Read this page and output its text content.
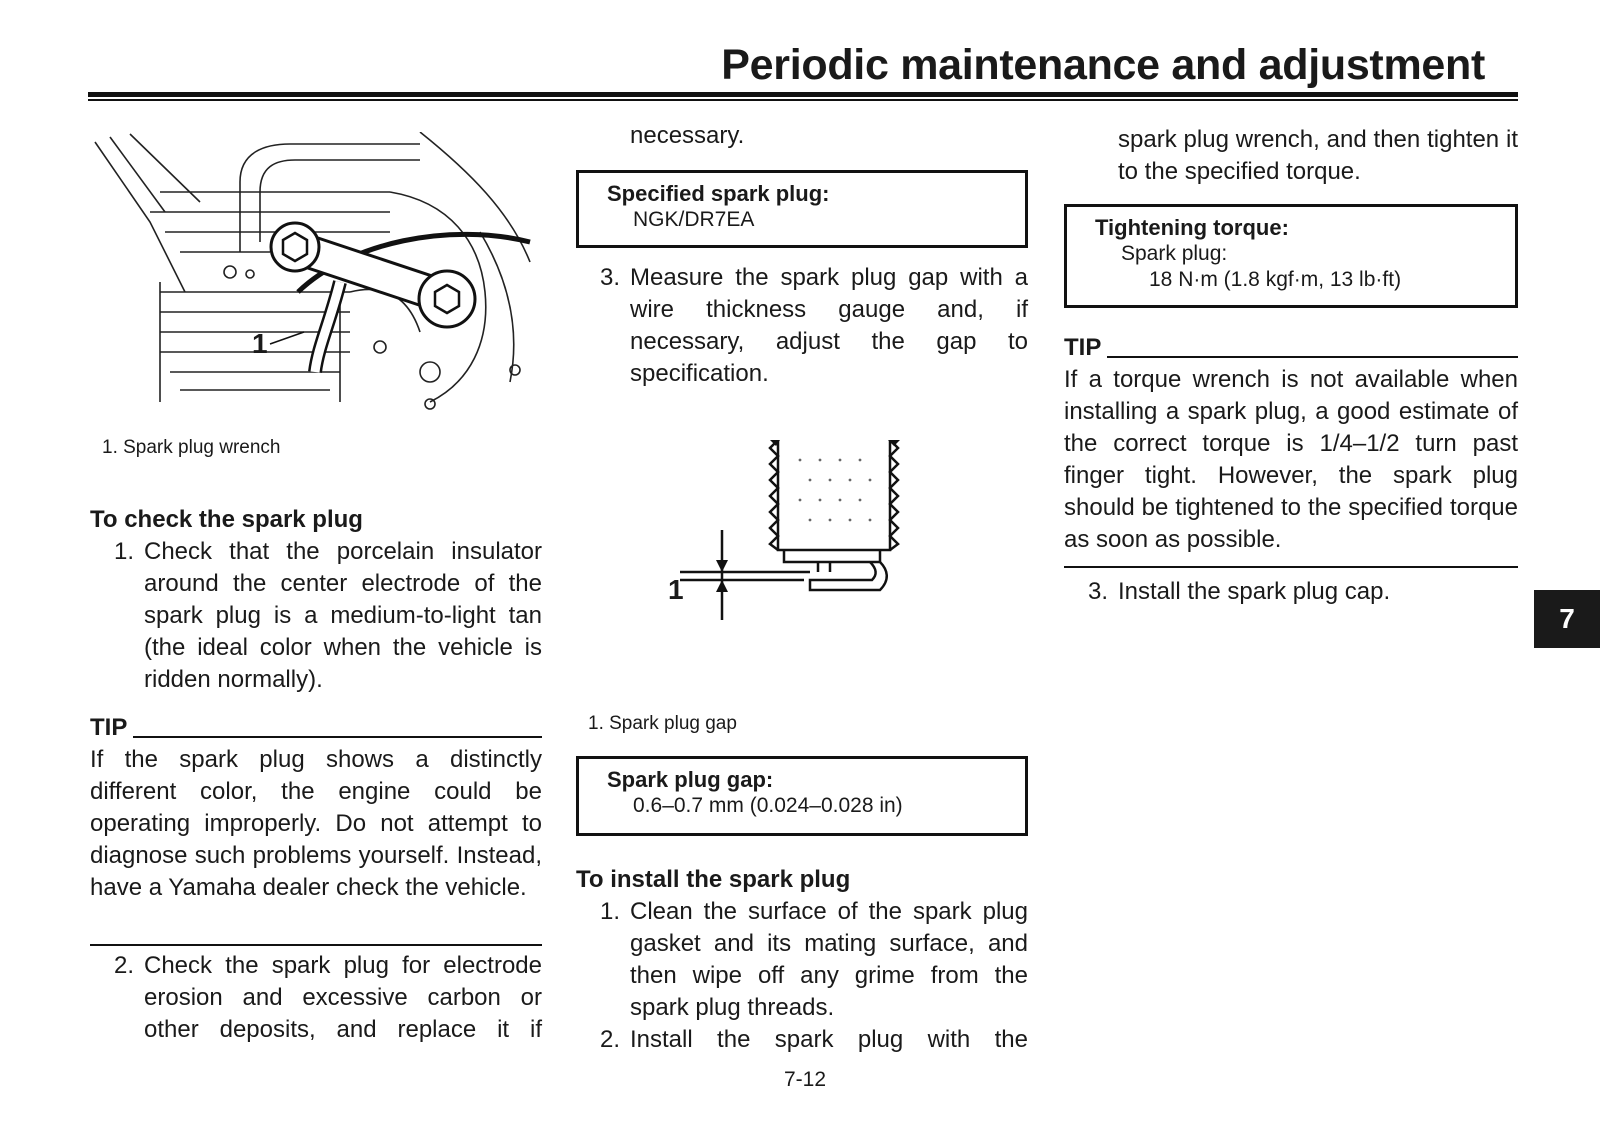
Periodic maintenance and adjustment
1
1. Spark plug wrench
To check the spark plug
1. Check that the porcelain insulator around the center electrode of the spark plug is a medium-to-light tan (the ideal color when the vehicle is ridden normally).

TIP

If the spark plug shows a distinctly different color, the engine could be operating improperly. Do not attempt to diagnose such problems yourself. Instead, have a Yamaha dealer check the vehicle.

2. Check the spark plug for electrode erosion and excessive carbon or other deposits, and replace it if

necessary.

Specified spark plug:
NGK/DR7EA
3. Measure the spark plug gap with a wire thickness gauge and, if necessary, adjust the gap to specification.

1
1. Spark plug gap
Spark plug gap:
0.6–0.7 mm (0.024–0.028 in)
To install the spark plug
1. Clean the surface of the spark plug gasket and its mating surface, and then wipe off any grime from the spark plug threads.

2. Install the spark plug with the

spark plug wrench, and then tighten it to the specified torque.

Tightening torque:
Spark plug:
18 N·m (1.8 kgf·m, 13 lb·ft)
TIP

If a torque wrench is not available when installing a spark plug, a good estimate of the correct torque is 1/4–1/2 turn past finger tight. However, the spark plug should be tightened to the specified torque as soon as possible.

3. Install the spark plug cap.

7
7-12
